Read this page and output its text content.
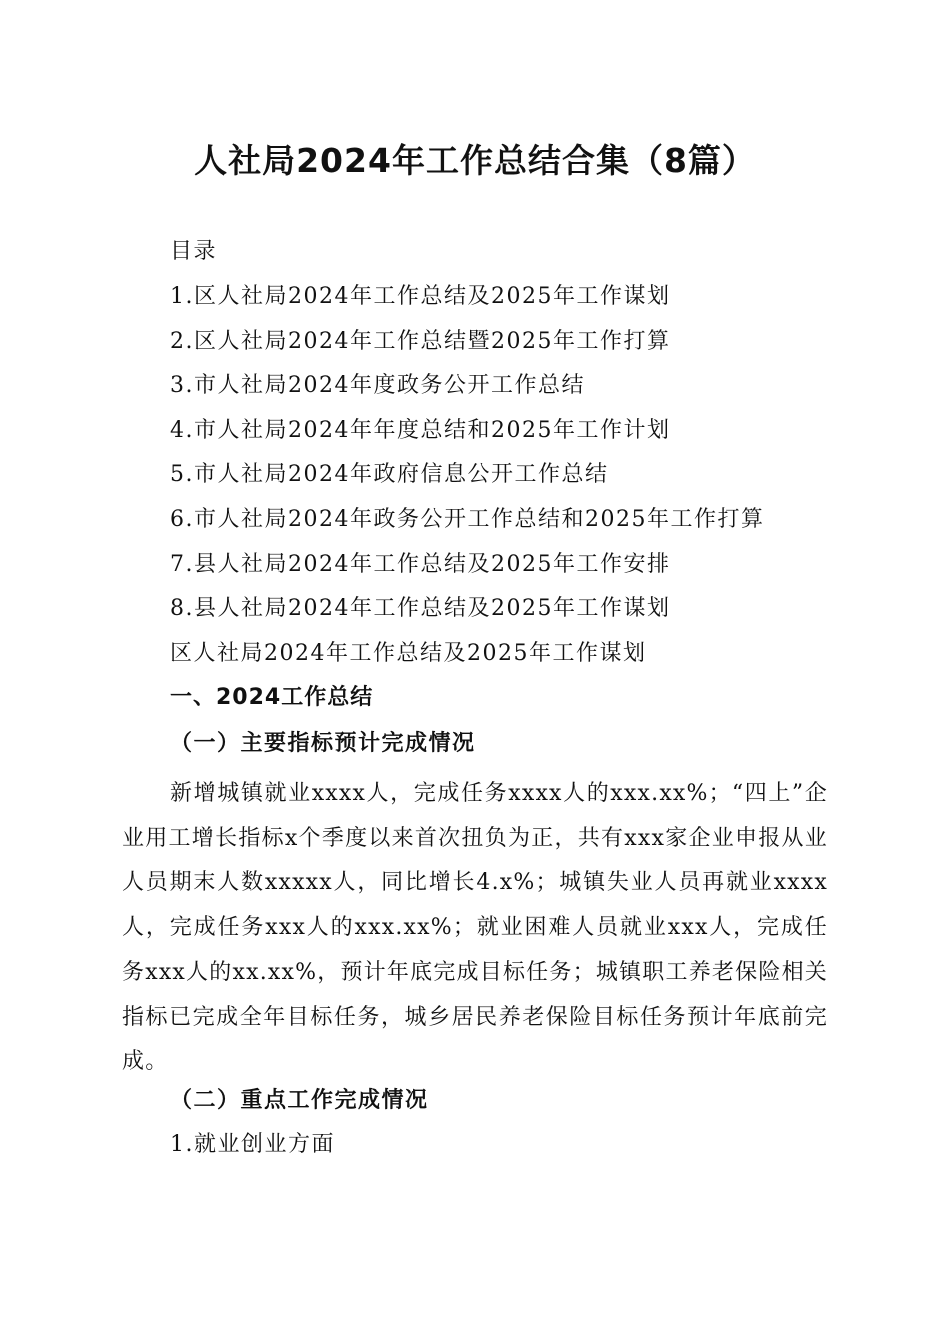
人社局2024年工作总结合集（8篇）
目录
1.区人社局2024年工作总结及2025年工作谋划
2.区人社局2024年工作总结暨2025年工作打算
3.市人社局2024年度政务公开工作总结
4.市人社局2024年年度总结和2025年工作计划
5.市人社局2024年政府信息公开工作总结
6.市人社局2024年政务公开工作总结和2025年工作打算
7.县人社局2024年工作总结及2025年工作安排
8.县人社局2024年工作总结及2025年工作谋划
区人社局2024年工作总结及2025年工作谋划
一、2024工作总结
（一）主要指标预计完成情况

新增城镇就业xxxx人，完成任务xxxx人的xxx.xx%；“四上”企业用工增长指标x个季度以来首次扭负为正，共有xxx家企业申报从业人员期末人数xxxxx人，同比增长4.x%；城镇失业人员再就业xxxx人，完成任务xxx人的xxx.xx%；就业困难人员就业xxx人，完成任务xxx人的xx.xx%，预计年底完成目标任务；城镇职工养老保险相关指标已完成全年目标任务，城乡居民养老保险目标任务预计年底前完成。

（二）重点工作完成情况
1.就业创业方面
